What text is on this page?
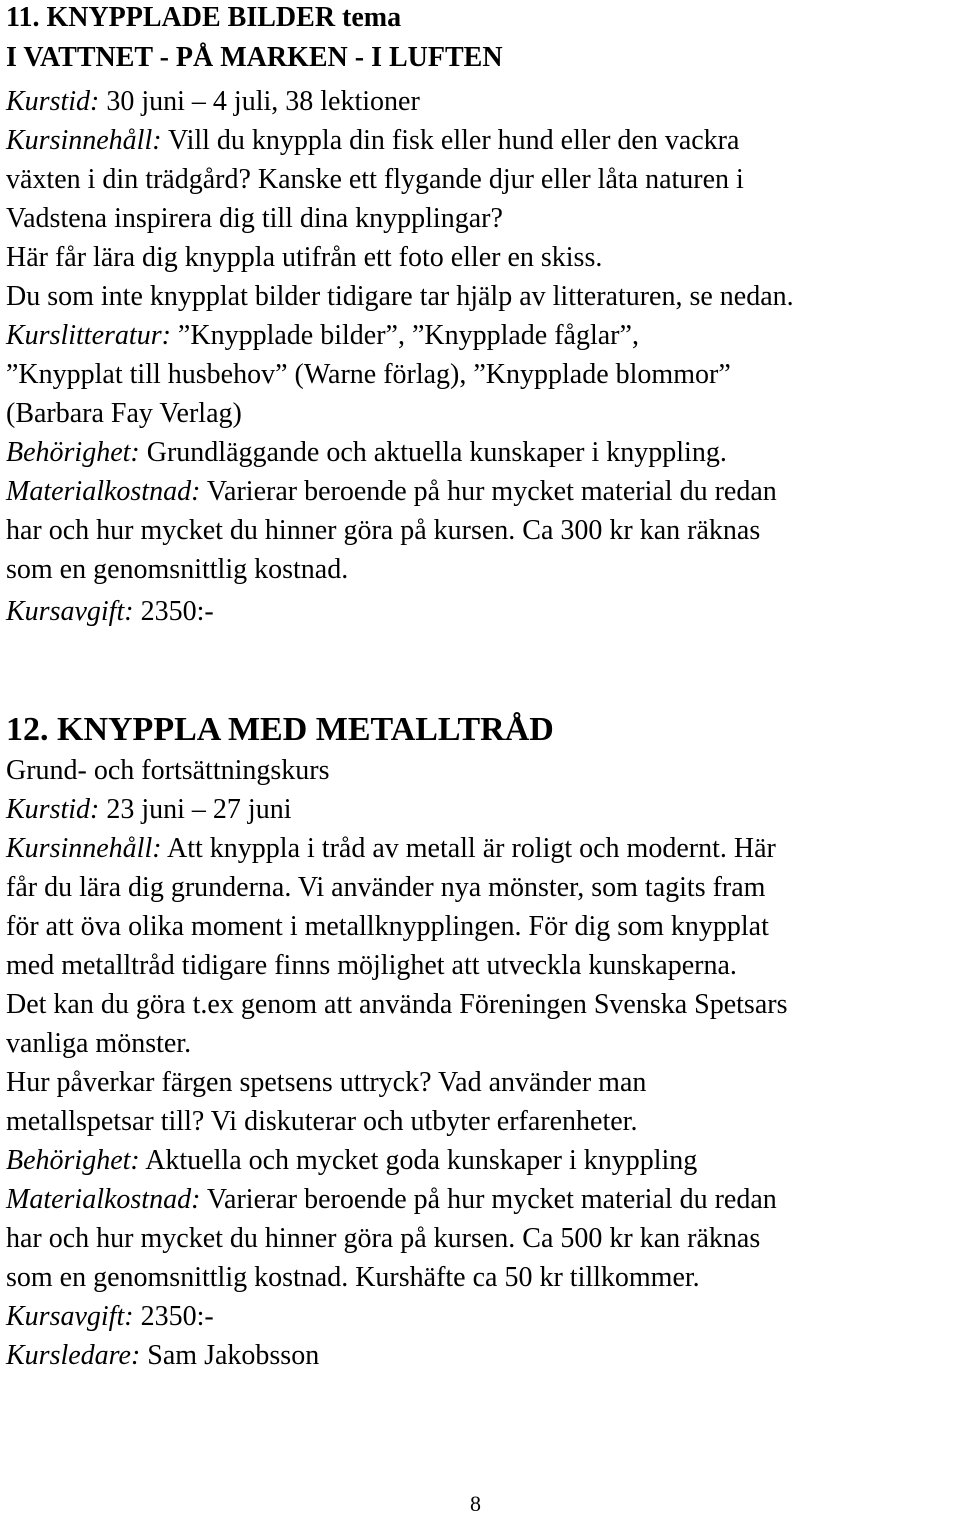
11. KNYPPLADE BILDER tema
I VATTNET - PÅ MARKEN - I LUFTEN
Kurstid: 30 juni – 4 juli, 38 lektioner
Kursinnehåll: Vill du knyppla din fisk eller hund eller den vackra
växten i din trädgård? Kanske ett flygande djur eller låta naturen i
Vadstena inspirera dig till dina knypplingar?
Här får lära dig knyppla utifrån ett foto eller en skiss.
Du som inte knypplat bilder tidigare tar hjälp av litteraturen, se nedan.
Kurslitteratur: ”Knypplade bilder”, ”Knypplade fåglar”,
”Knypplat till husbehov” (Warne förlag), ”Knypplade blommor”
(Barbara Fay Verlag)
Behörighet: Grundläggande och aktuella kunskaper i knyppling.
Materialkostnad: Varierar beroende på hur mycket material du redan
har och hur mycket du hinner göra på kursen. Ca 300 kr kan räknas
som en genomsnittlig kostnad.
Kursavgift: 2350:-
12. KNYPPLA MED METALLTRÅD
Grund- och fortsättningskurs
Kurstid: 23 juni – 27 juni
Kursinnehåll: Att knyppla i tråd av metall är roligt och modernt. Här
får du lära dig grunderna. Vi använder nya mönster, som tagits fram
för att öva olika moment i metallknypplingen. För dig som knypplat
med metalltråd tidigare finns möjlighet att utveckla kunskaperna.
Det kan du göra t.ex genom att använda Föreningen Svenska Spetsars
vanliga mönster.
Hur påverkar färgen spetsens uttryck? Vad använder man
metallspetsar till? Vi diskuterar och utbyter erfarenheter.
Behörighet: Aktuella och mycket goda kunskaper i knyppling
Materialkostnad: Varierar beroende på hur mycket material du redan
har och hur mycket du hinner göra på kursen. Ca 500 kr kan räknas
som en genomsnittlig kostnad. Kurshäfte ca 50 kr tillkommer.
Kursavgift: 2350:-
Kursledare: Sam Jakobsson
8
